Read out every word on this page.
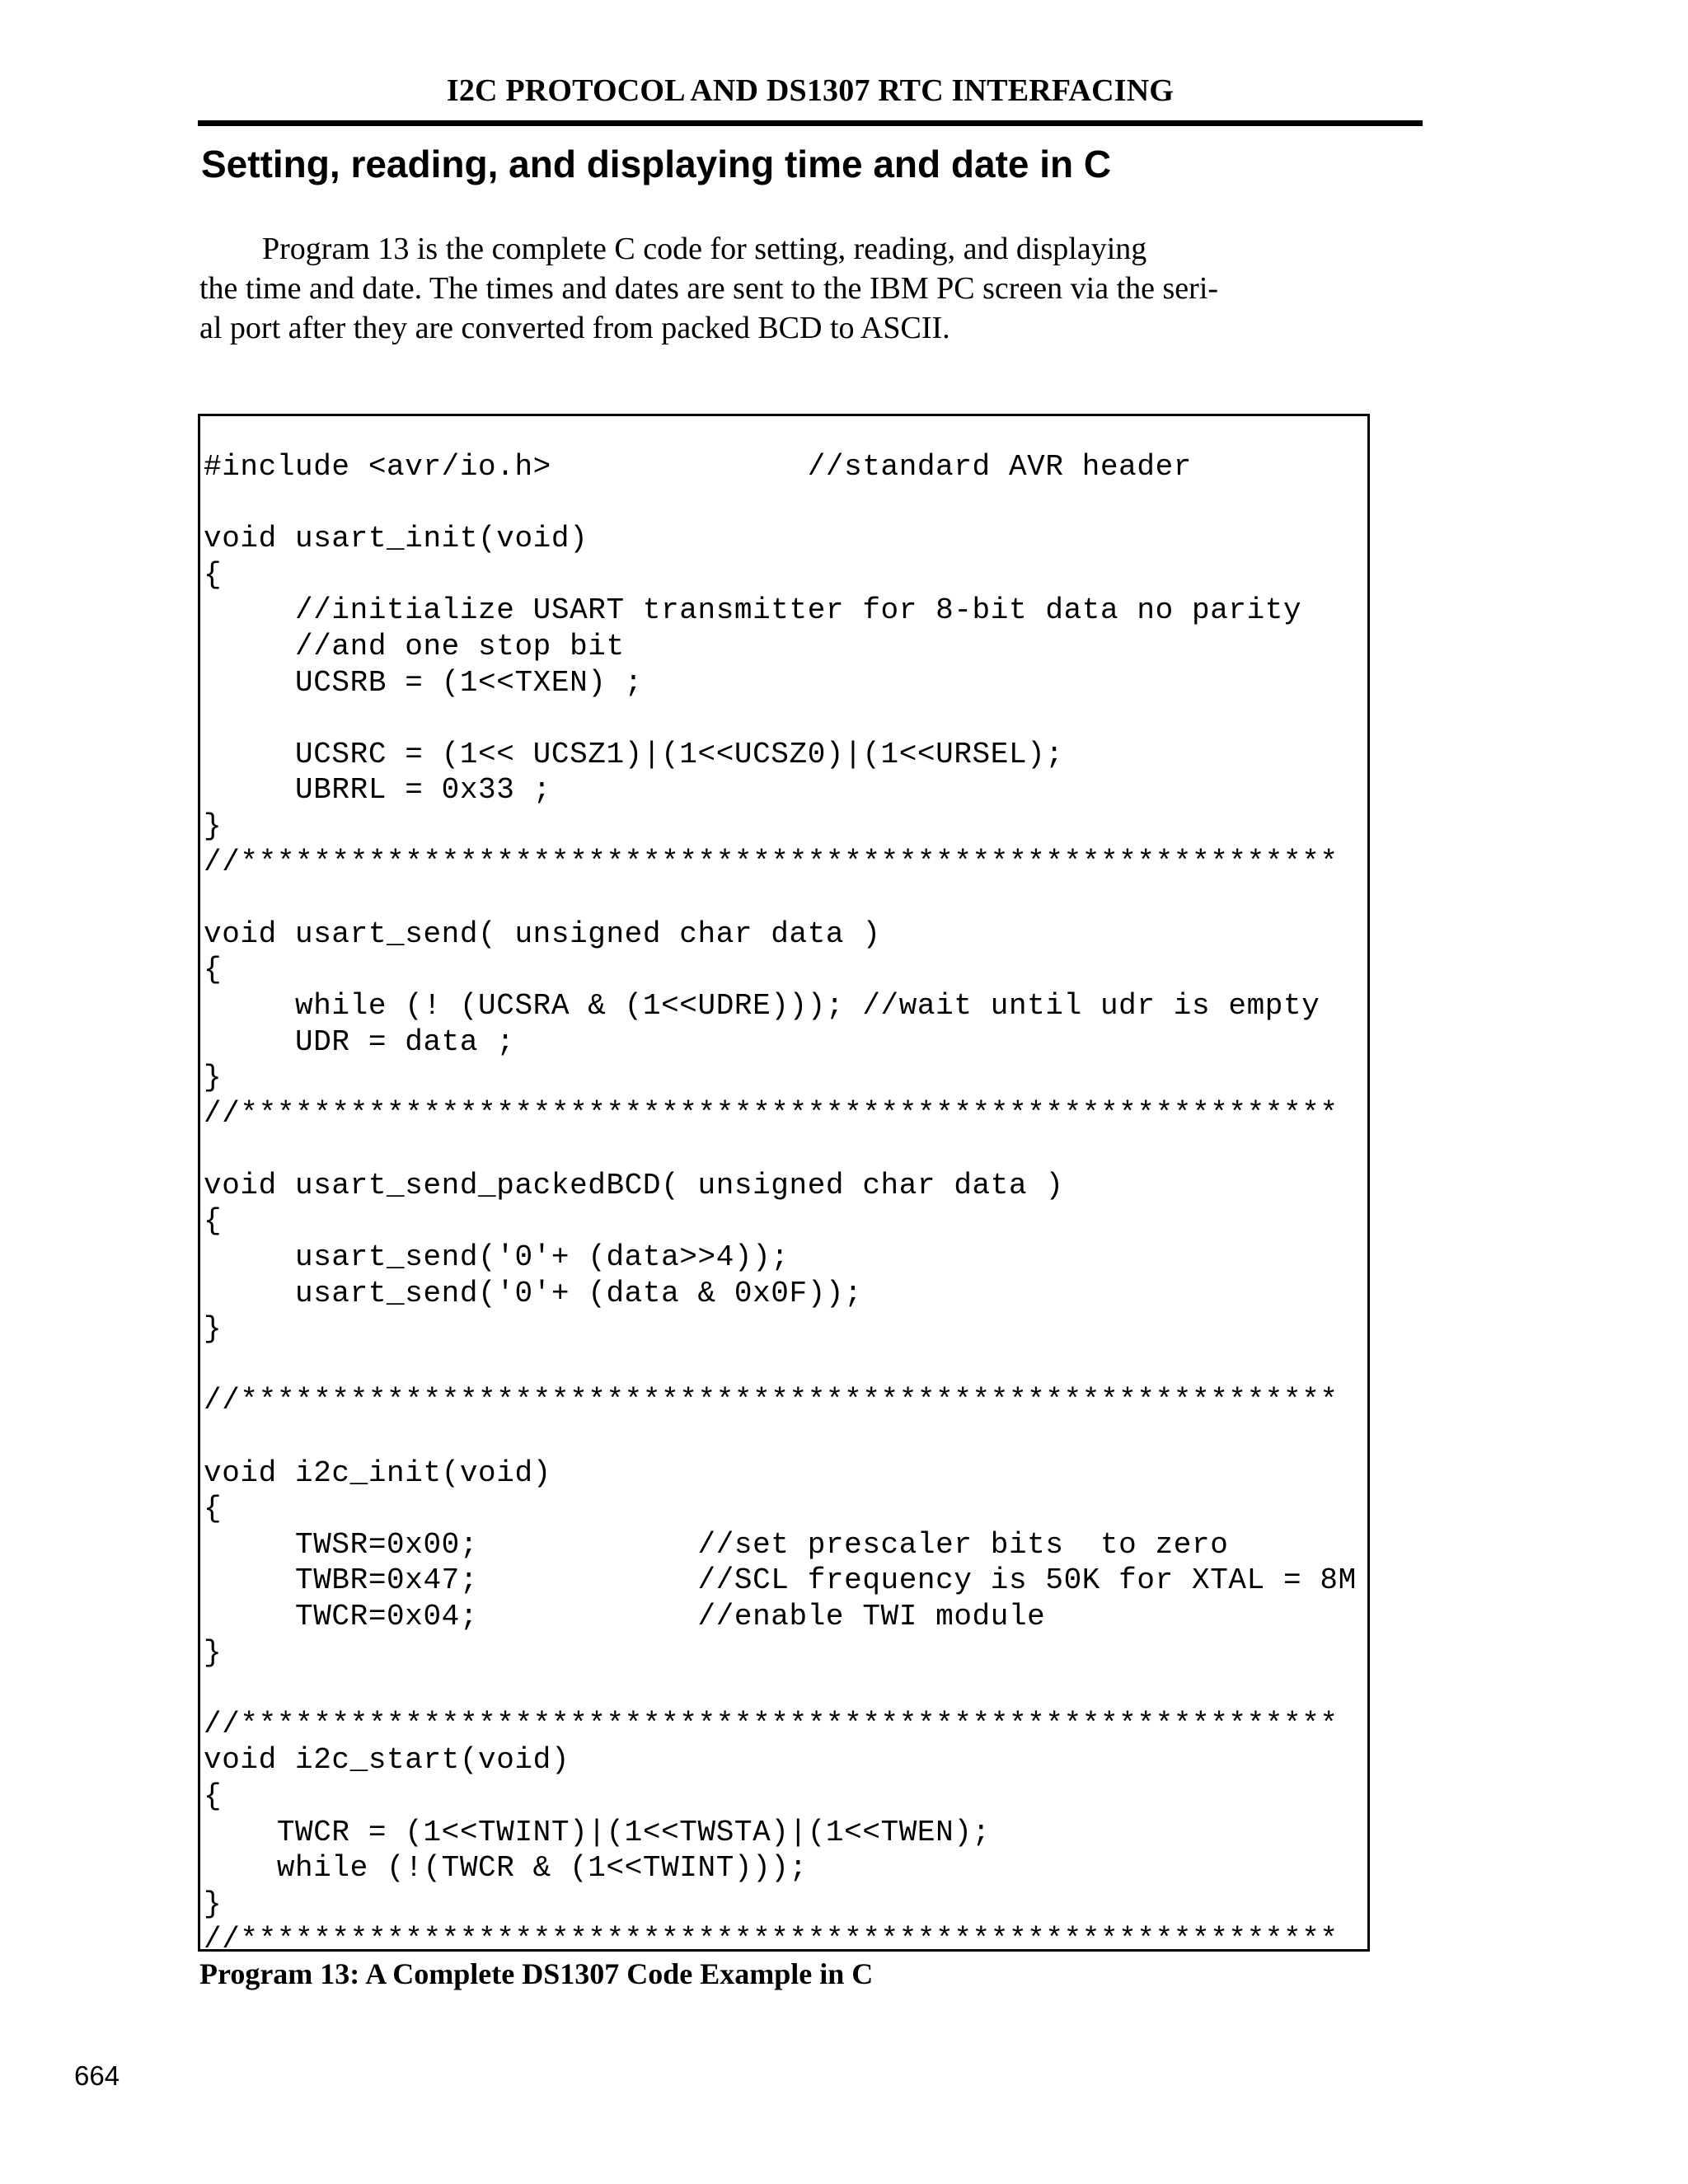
I2C PROTOCOL AND DS1307 RTC INTERFACING
Setting, reading, and displaying time and date in C
Program 13 is the complete C code for setting, reading, and displaying
the time and date. The times and dates are sent to the IBM PC screen via the seri-
al port after they are converted from packed BCD to ASCII.
#include <avr/io.h>              //standard AVR header
void usart_init(void)
{
//initialize USART transmitter for 8-bit data no parity
//and one stop bit
UCSRB = (1<<TXEN) ;
UCSRC = (1<< UCSZ1)|(1<<UCSZ0)|(1<<URSEL);
UBRRL = 0x33 ;
}
//************************************************************
void usart_send( unsigned char data )
{
while (! (UCSRA & (1<<UDRE))); //wait until udr is empty
UDR = data ;
}
//************************************************************
void usart_send_packedBCD( unsigned char data )
{
usart_send('0'+ (data>>4));
usart_send('0'+ (data & 0x0F));
}
//************************************************************
void i2c_init(void)
{
TWSR=0x00;            //set prescaler bits  to zero
TWBR=0x47;            //SCL frequency is 50K for XTAL = 8M
TWCR=0x04;            //enable TWI module
}
//************************************************************
void i2c_start(void)
{
TWCR = (1<<TWINT)|(1<<TWSTA)|(1<<TWEN);
while (!(TWCR & (1<<TWINT)));
}
//************************************************************
Program 13: A Complete DS1307 Code Example in C
664
